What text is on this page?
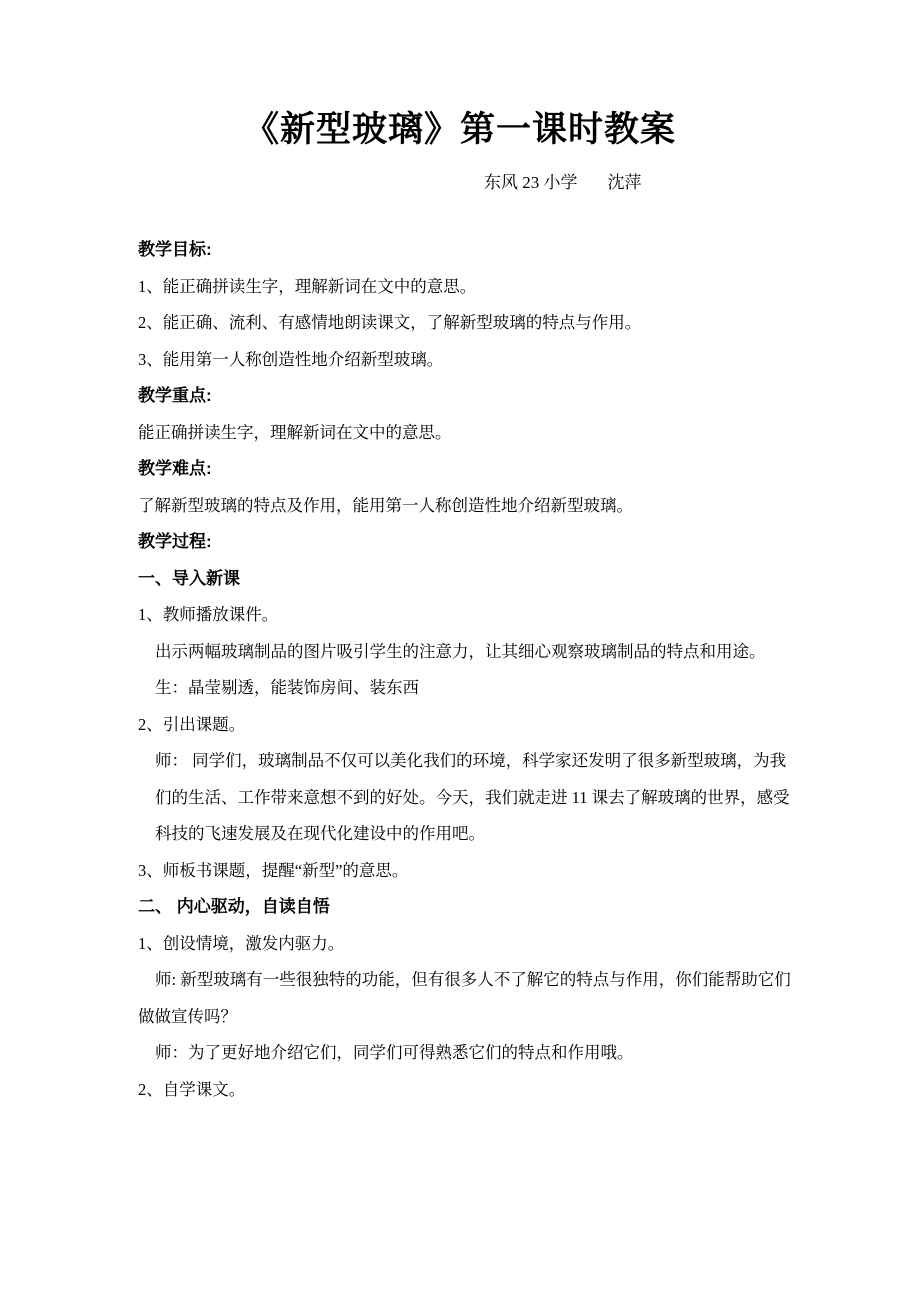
《新型玻璃》第一课时教案
东风 23 小学 沈萍
教学目标:
1、能正确拼读生字，理解新词在文中的意思。
2、能正确、流利、有感情地朗读课文，了解新型玻璃的特点与作用。
3、能用第一人称创造性地介绍新型玻璃。
教学重点:
能正确拼读生字，理解新词在文中的意思。
教学难点:
了解新型玻璃的特点及作用，能用第一人称创造性地介绍新型玻璃。
教学过程:
一、导入新课
1、教师播放课件。
出示两幅玻璃制品的图片吸引学生的注意力，让其细心观察玻璃制品的特点和用途。
生：晶莹剔透，能装饰房间、装东西
2、引出课题。
师： 同学们，玻璃制品不仅可以美化我们的环境，科学家还发明了很多新型玻璃，为我
们的生活、工作带来意想不到的好处。今天，我们就走进 11 课去了解玻璃的世界，感受
科技的飞速发展及在现代化建设中的作用吧。
3、师板书课题，提醒“新型”的意思。
二、 内心驱动，自读自悟
1、创设情境，激发内驱力。
师: 新型玻璃有一些很独特的功能，但有很多人不了解它的特点与作用，你们能帮助它们
做做宣传吗？
师：为了更好地介绍它们，同学们可得熟悉它们的特点和作用哦。
2、自学课文。
